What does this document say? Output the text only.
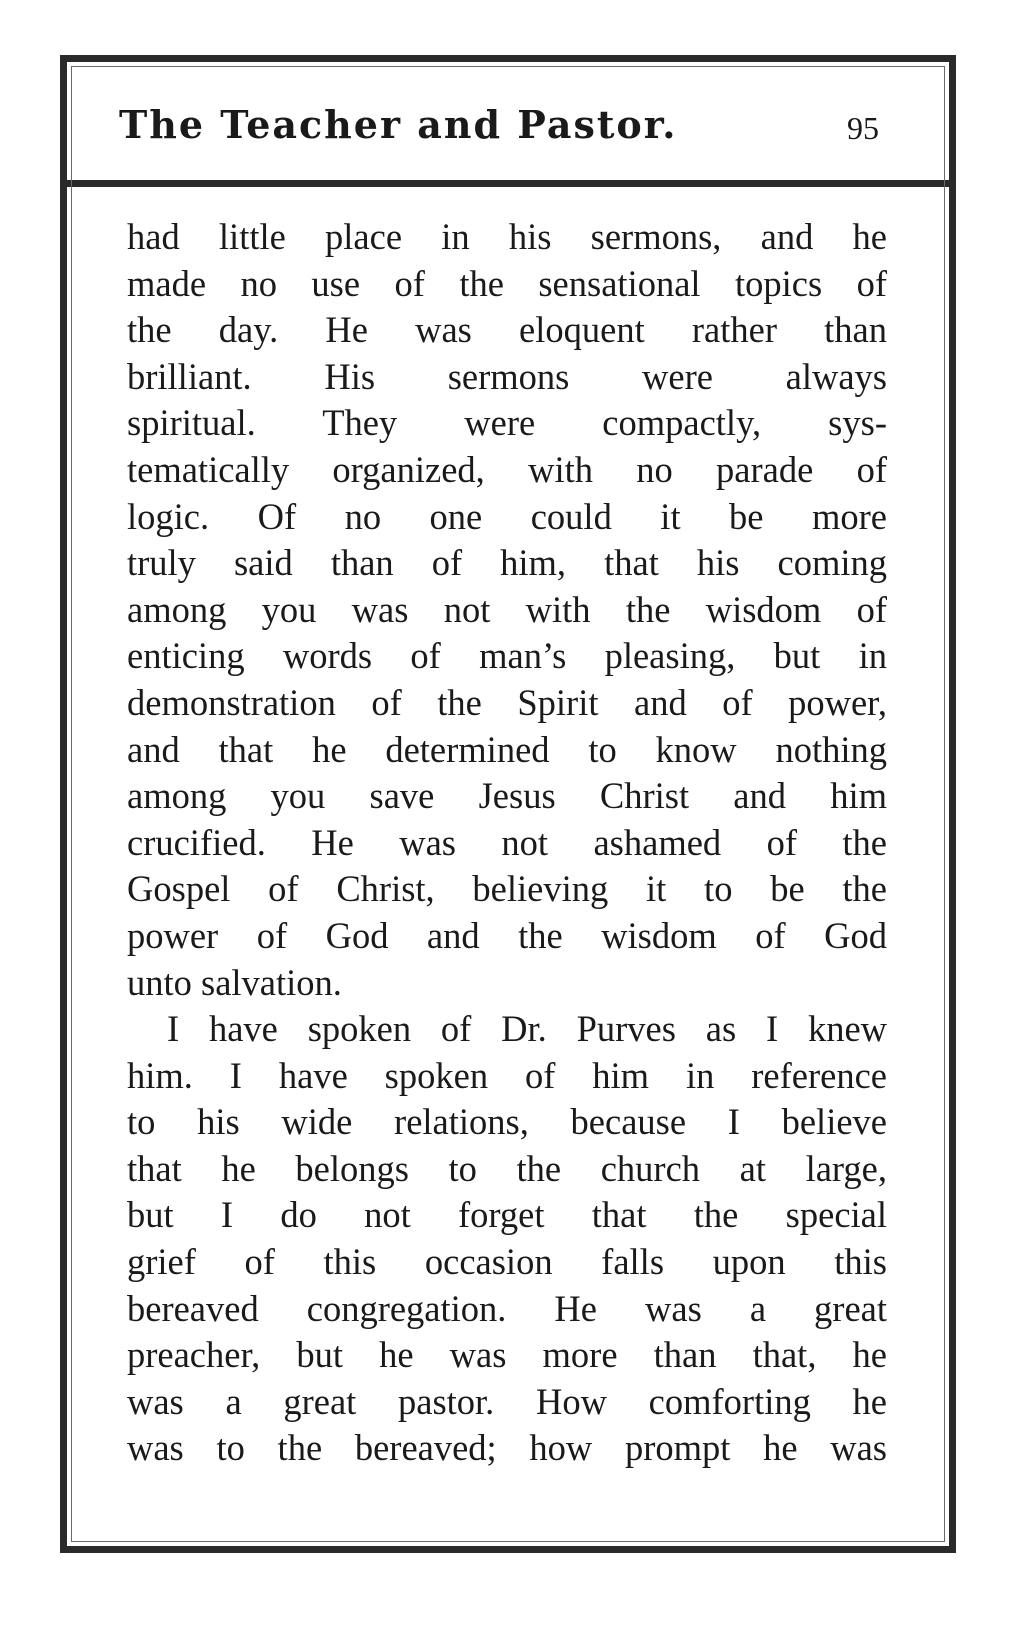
The Teacher and Pastor.	95
had little place in his sermons, and he
made no use of the sensational topics of
the day. He was eloquent rather than
brilliant. His sermons were always
spiritual. They were compactly, sys-
tematically organized, with no parade of
logic. Of no one could it be more
truly said than of him, that his coming
among you was not with the wisdom of
enticing words of man’s pleasing, but in
demonstration of the Spirit and of power,
and that he determined to know nothing
among you save Jesus Christ and him
crucified. He was not ashamed of the
Gospel of Christ, believing it to be the
power of God and the wisdom of God
unto salvation.
I have spoken of Dr. Purves as I knew
him. I have spoken of him in reference
to his wide relations, because I believe
that he belongs to the church at large,
but I do not forget that the special
grief of this occasion falls upon this
bereaved congregation. He was a great
preacher, but he was more than that, he
was a great pastor. How comforting he
was to the bereaved; how prompt he was
